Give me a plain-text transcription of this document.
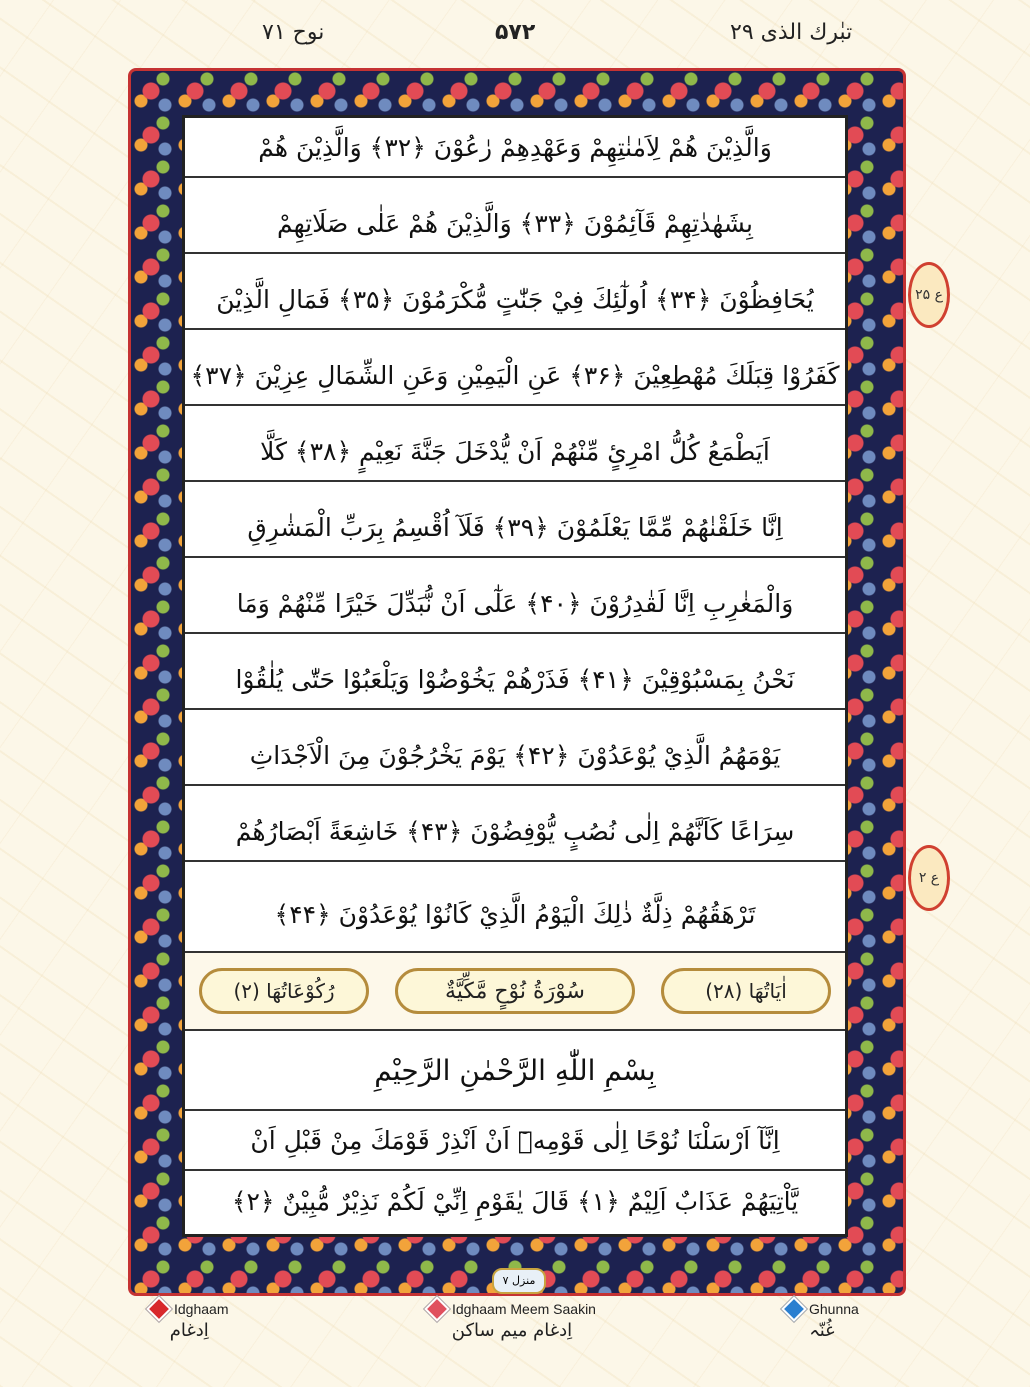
نوح ۷۱	۵۷۲	تبٰرك الذی ۲۹
وَالَّذِيْنَ هُمْ لِاَمٰنٰتِهِمْ وَعَهْدِهِمْ رٰعُوْنَ ﴿۳۲﴾ وَالَّذِيْنَ هُمْ
بِشَهٰدٰتِهِمْ قَآئِمُوْنَ ﴿۳۳﴾ وَالَّذِيْنَ هُمْ عَلٰى صَلَاتِهِمْ
يُحَافِظُوْنَ ﴿۳۴﴾ اُولٰٓئِكَ فِيْ جَنّٰتٍ مُّكْرَمُوْنَ ﴿۳۵﴾ فَمَالِ الَّذِيْنَ
كَفَرُوْا قِبَلَكَ مُهْطِعِيْنَ ﴿۳۶﴾ عَنِ الْيَمِيْنِ وَعَنِ الشِّمَالِ عِزِيْنَ ﴿۳۷﴾
اَيَطْمَعُ كُلُّ امْرِئٍ مِّنْهُمْ اَنْ يُّدْخَلَ جَنَّةَ نَعِيْمٍ ﴿۳۸﴾ كَلَّا
اِنَّا خَلَقْنٰهُمْ مِّمَّا يَعْلَمُوْنَ ﴿۳۹﴾ فَلَآ اُقْسِمُ بِرَبِّ الْمَشٰرِقِ
وَالْمَغٰرِبِ اِنَّا لَقٰدِرُوْنَ ﴿۴۰﴾ عَلٰٓى اَنْ نُّبَدِّلَ خَيْرًا مِّنْهُمْ وَمَا
نَحْنُ بِمَسْبُوْقِيْنَ ﴿۴۱﴾ فَذَرْهُمْ يَخُوْضُوْا وَيَلْعَبُوْا حَتّٰى يُلٰقُوْا
يَوْمَهُمُ الَّذِيْ يُوْعَدُوْنَ ﴿۴۲﴾ يَوْمَ يَخْرُجُوْنَ مِنَ الْاَجْدَاثِ
سِرَاعًا كَاَنَّهُمْ اِلٰى نُصُبٍ يُّوْفِضُوْنَ ﴿۴۳﴾ خَاشِعَةً اَبْصَارُهُمْ
تَرْهَقُهُمْ ذِلَّةٌ ذٰلِكَ الْيَوْمُ الَّذِيْ كَانُوْا يُوْعَدُوْنَ ﴿۴۴﴾
اٰيَاتُهَا (۲۸)
سُوْرَةُ نُوْحٍ مَّكِّيَّةٌ
رُكُوْعَاتُهَا (۲)
بِسْمِ اللّٰهِ الرَّحْمٰنِ الرَّحِيْمِ
اِنَّآ اَرْسَلْنَا نُوْحًا اِلٰى قَوْمِهٖٓ اَنْ اَنْذِرْ قَوْمَكَ مِنْ قَبْلِ اَنْ
يَّاْتِيَهُمْ عَذَابٌ اَلِيْمٌ ﴿۱﴾ قَالَ يٰقَوْمِ اِنِّيْ لَكُمْ نَذِيْرٌ مُّبِيْنٌ ﴿۲﴾
ع ۲۵
ع ۲
منزل ۷
Idghaam
اِدغام
Idghaam Meem Saakin
اِدغام میم ساکن
Ghunna
غُنّہ
